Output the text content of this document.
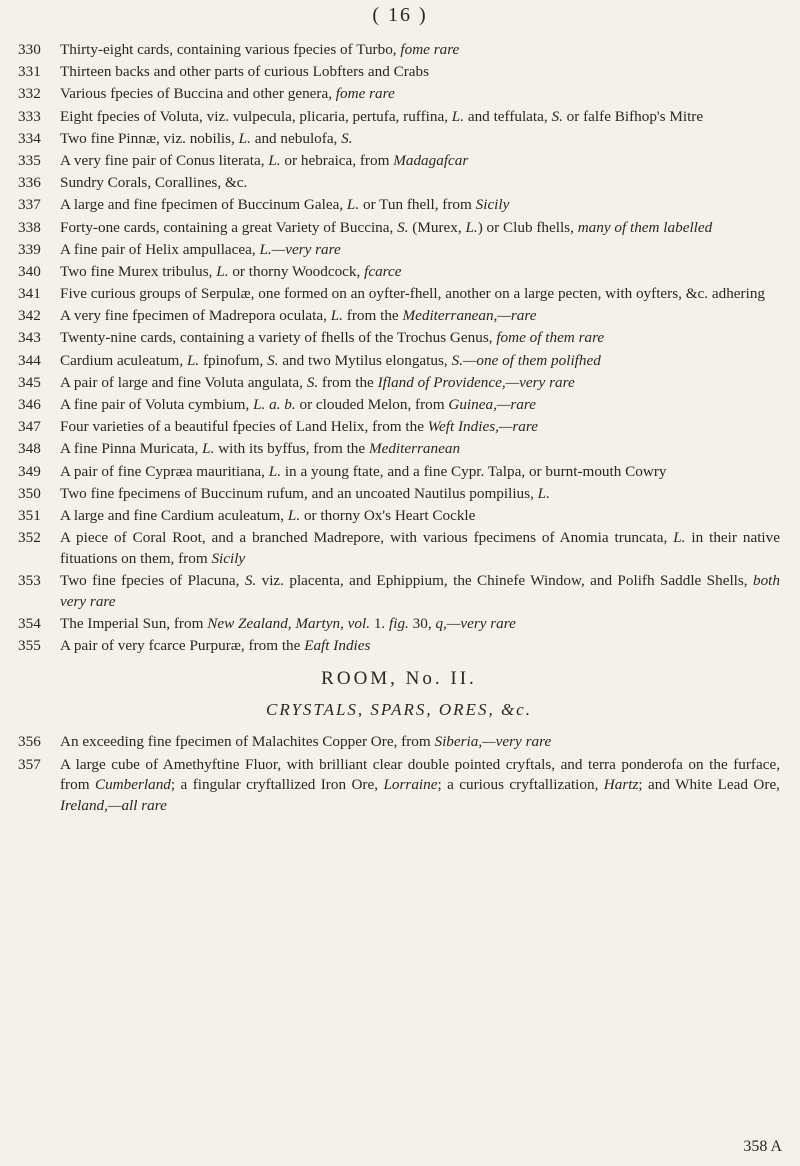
( 16 )
330	Thirty-eight cards, containing various fpecies of Turbo, fome rare
331	Thirteen backs and other parts of curious Lobfters and Crabs
332	Various fpecies of Buccina and other genera, fome rare
333	Eight fpecies of Voluta, viz. vulpecula, plicaria, pertufa, ruffina, L. and teffulata, S. or falfe Bifhop's Mitre
334	Two fine Pinnæ, viz. nobilis, L. and nebulofa, S.
335	A very fine pair of Conus literata, L. or hebraica, from Madagafcar
336	Sundry Corals, Corallines, &c.
337	A large and fine fpecimen of Buccinum Galea, L. or Tun fhell, from Sicily
338	Forty-one cards, containing a great Variety of Buccina, S. (Murex, L.) or Club fhells, many of them labelled
339	A fine pair of Helix ampullacea, L.—very rare
340	Two fine Murex tribulus, L. or thorny Woodcock, fcarce
341	Five curious groups of Serpulæ, one formed on an oyfter-fhell, another on a large pecten, with oyfters, &c. adhering
342	A very fine fpecimen of Madrepora oculata, L. from the Mediterranean,—rare
343	Twenty-nine cards, containing a variety of fhells of the Trochus Genus, fome of them rare
344	Cardium aculeatum, L. fpinofum, S. and two Mytilus elongatus, S.—one of them polifhed
345	A pair of large and fine Voluta angulata, S. from the Ifland of Providence,—very rare
346	A fine pair of Voluta cymbium, L. a. b. or clouded Melon, from Guinea,—rare
347	Four varieties of a beautiful fpecies of Land Helix, from the Weft Indies,—rare
348	A fine Pinna Muricata, L. with its byffus, from the Mediterranean
349	A pair of fine Cypræa mauritiana, L. in a young ftate, and a fine Cypr. Talpa, or burnt-mouth Cowry
350	Two fine fpecimens of Buccinum rufum, and an uncoated Nautilus pompilius, L.
351	A large and fine Cardium aculeatum, L. or thorny Ox's Heart Cockle
352	A piece of Coral Root, and a branched Madrepore, with various fpecimens of Anomia truncata, L. in their native fituations on them, from Sicily
353	Two fine fpecies of Placuna, S. viz. placenta, and Ephippium, the Chinefe Window, and Polifh Saddle Shells, both very rare
354	The Imperial Sun, from New Zealand, Martyn, vol. 1. fig. 30, q,—very rare
355	A pair of very fcarce Purpuræ, from the Eaft Indies
ROOM, No. II.
CRYSTALS, SPARS, ORES, &c.
356	An exceeding fine fpecimen of Malachites Copper Ore, from Siberia,—very rare
357	A large cube of Amethyftine Fluor, with brilliant clear double pointed cryftals, and terra ponderofa on the furface, from Cumberland; a fingular cryftallized Iron Ore, Lorraine; a curious cryftallization, Hartz; and White Lead Ore, Ireland,—all rare
358 A
